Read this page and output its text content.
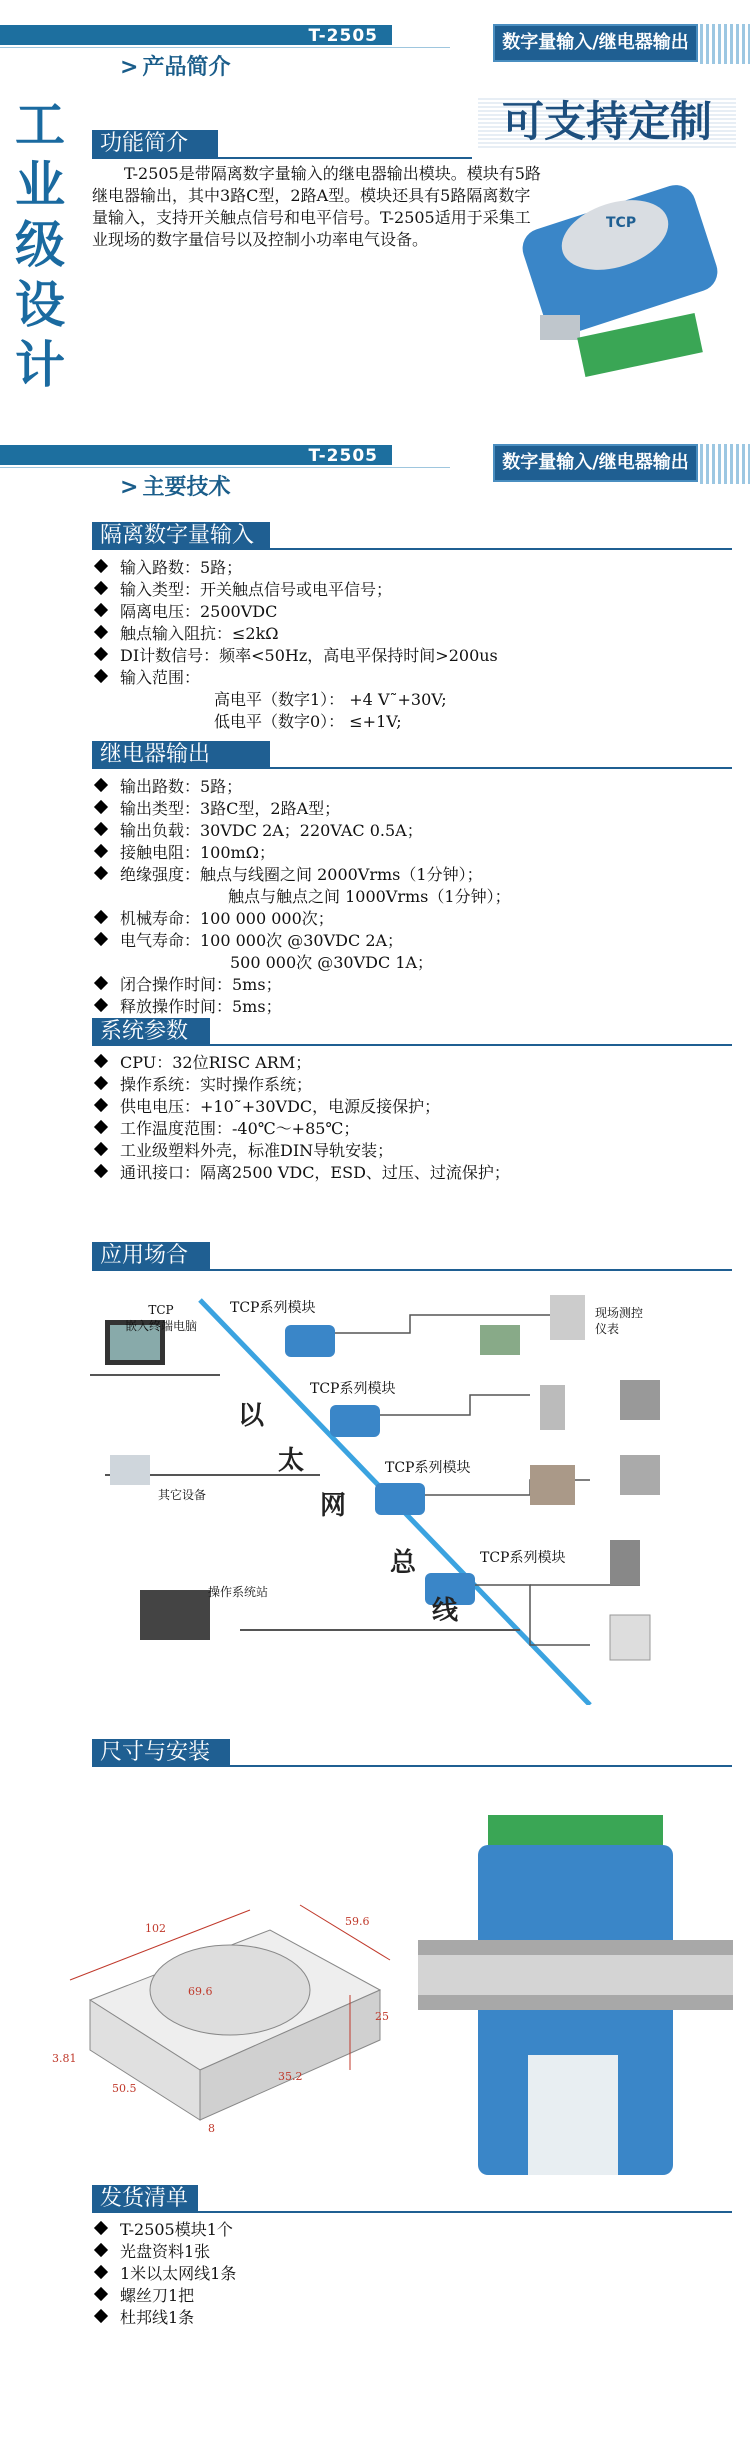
T-2505
> 产品简介
数字量输入/继电器输出
工
业
级
设
计
可支持定制
功能简介
T-2505是带隔离数字量输入的继电器输出模块。模块有5路继电器输出，其中3路C型，2路A型。模块还具有5路隔离数字量输入，支持开关触点信号和电平信号。T-2505适用于采集工业现场的数字量信号以及控制小功率电气设备。
TCP
T-2505
> 主要技术
数字量输入/继电器输出
隔离数字量输入
输入路数：5路；
输入类型：开关触点信号或电平信号；
隔离电压：2500VDC
触点输入阻抗：≤2kΩ
DI计数信号：频率<50Hz，高电平保持时间>200us
输入范围：
高电平（数字1）： +4 V˜+30V;
低电平（数字0）： ≤+1V;
继电器输出
输出路数：5路；
输出类型：3路C型，2路A型；
输出负载：30VDC 2A；220VAC 0.5A；
接触电阻：100mΩ；
绝缘强度：触点与线圈之间 2000Vrms（1分钟）；
机械寿命：100 000 000次；
电气寿命：100 000次 @30VDC 2A；
闭合操作时间：5ms；
释放操作时间：5ms；
触点与触点之间 1000Vrms（1分钟）；
500 000次 @30VDC 1A；
系统参数
CPU：32位RISC ARM；
操作系统：实时操作系统；
供电电压：+10˜+30VDC，电源反接保护；
工作温度范围：-40℃～+85℃；
工业级塑料外壳，标准DIN导轨安装；
通讯接口：隔离2500 VDC，ESD、过压、过流保护；
应用场合
TCP
嵌入终端电脑
TCP系列模块
TCP系列模块
TCP系列模块
TCP系列模块
其它设备
操作系统站
现场测控
仪表
以
太
网
总
线
尺寸与安装
102
59.6
69.6
25
3.81
50.5
35.2
8
发货清单
T-2505模块1个
光盘资料1张
1米以太网线1条
螺丝刀1把
杜邦线1条
